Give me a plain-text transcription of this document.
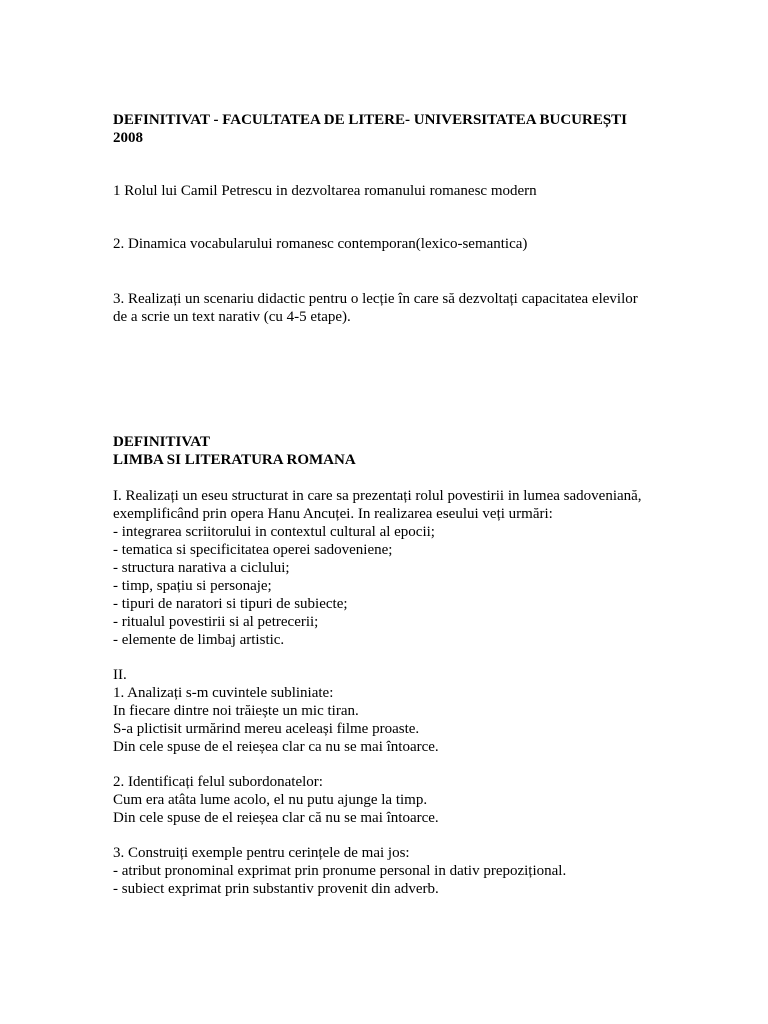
DEFINITIVAT - FACULTATEA DE LITERE- UNIVERSITATEA BUCUREȘTI
2008
1 Rolul lui Camil Petrescu in dezvoltarea romanului romanesc modern
2. Dinamica vocabularului romanesc contemporan(lexico-semantica)
3. Realizați un scenariu didactic pentru o lecție în care să dezvoltați capacitatea elevilor
de a scrie un text narativ (cu 4-5 etape).
DEFINITIVAT
LIMBA SI LITERATURA ROMANA
I. Realizați un eseu structurat in care sa prezentați rolul povestirii in lumea sadoveniană,
exemplificând prin opera Hanu Ancuței. In realizarea eseului veți urmări:
- integrarea scriitorului in contextul cultural al epocii;
- tematica si specificitatea operei sadoveniene;
- structura narativa a ciclului;
- timp, spațiu si personaje;
- tipuri de naratori si tipuri de subiecte;
- ritualul povestirii si al petrecerii;
- elemente de limbaj artistic.
II.
1. Analizați s-m cuvintele subliniate:
In fiecare dintre noi trăiește un mic tiran.
S-a plictisit urmărind mereu aceleași filme proaste.
Din cele spuse de el reieșea clar ca nu se mai întoarce.
2. Identificați felul subordonatelor:
Cum era atâta lume acolo, el nu putu ajunge la timp.
Din cele spuse de el reieșea clar că nu se mai întoarce.
3. Construiți exemple pentru cerințele de mai jos:
- atribut pronominal exprimat prin pronume personal in dativ prepozițional.
- subiect exprimat prin substantiv provenit din adverb.
